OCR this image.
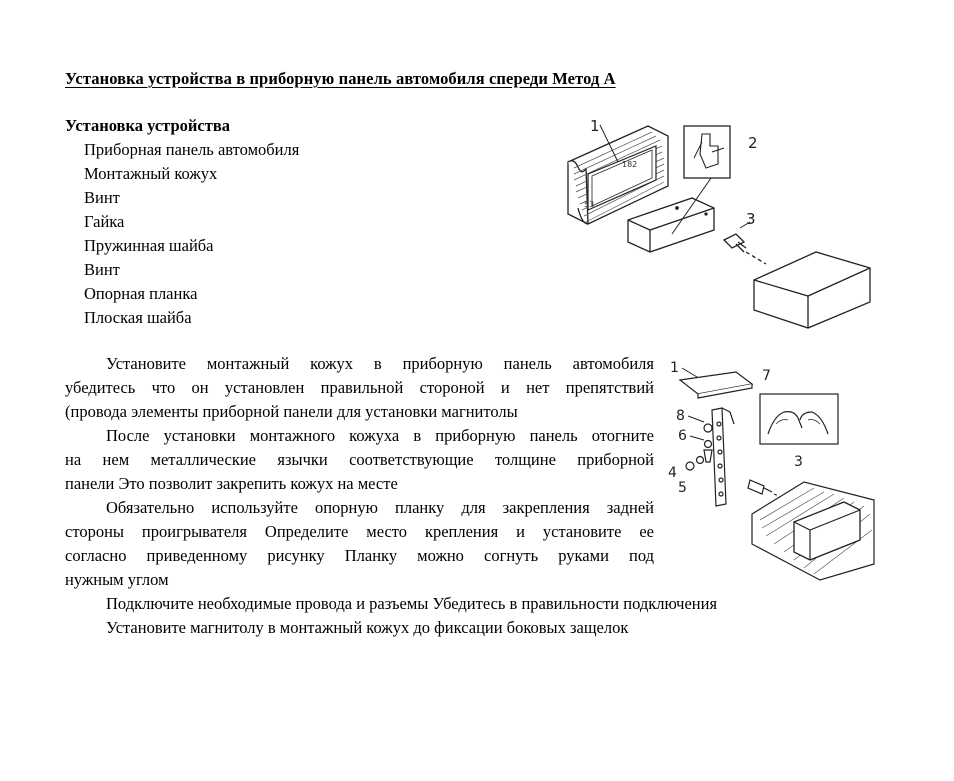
Установка устройства в приборную панель автомобиля спереди Метод А
Установка устройства
Приборная панель автомобиля
Монтажный кожух
Винт
Гайка
Пружинная шайба
Винт
Опорная планка
Плоская шайба
Установите монтажный кожух в приборную панель автомобиля
убедитесь что он установлен правильной стороной и нет препятствий
(провода элементы приборной панели для установки магнитолы
После установки монтажного кожуха в приборную панель отогните
на нем металлические язычки соответствующие толщине приборной
панели Это позволит закрепить кожух на месте
Обязательно используйте опорную планку для закрепления задней
стороны проигрывателя Определите место крепления и установите ее
согласно приведенному рисунку Планку можно согнуть руками под
нужным углом
Подключите необходимые провода и разъемы Убедитесь в правильности подключения
Установите магнитолу в монтажный кожух до фиксации боковых защелок
182
53
1
2
3
1	7
8
6
4
5
3
